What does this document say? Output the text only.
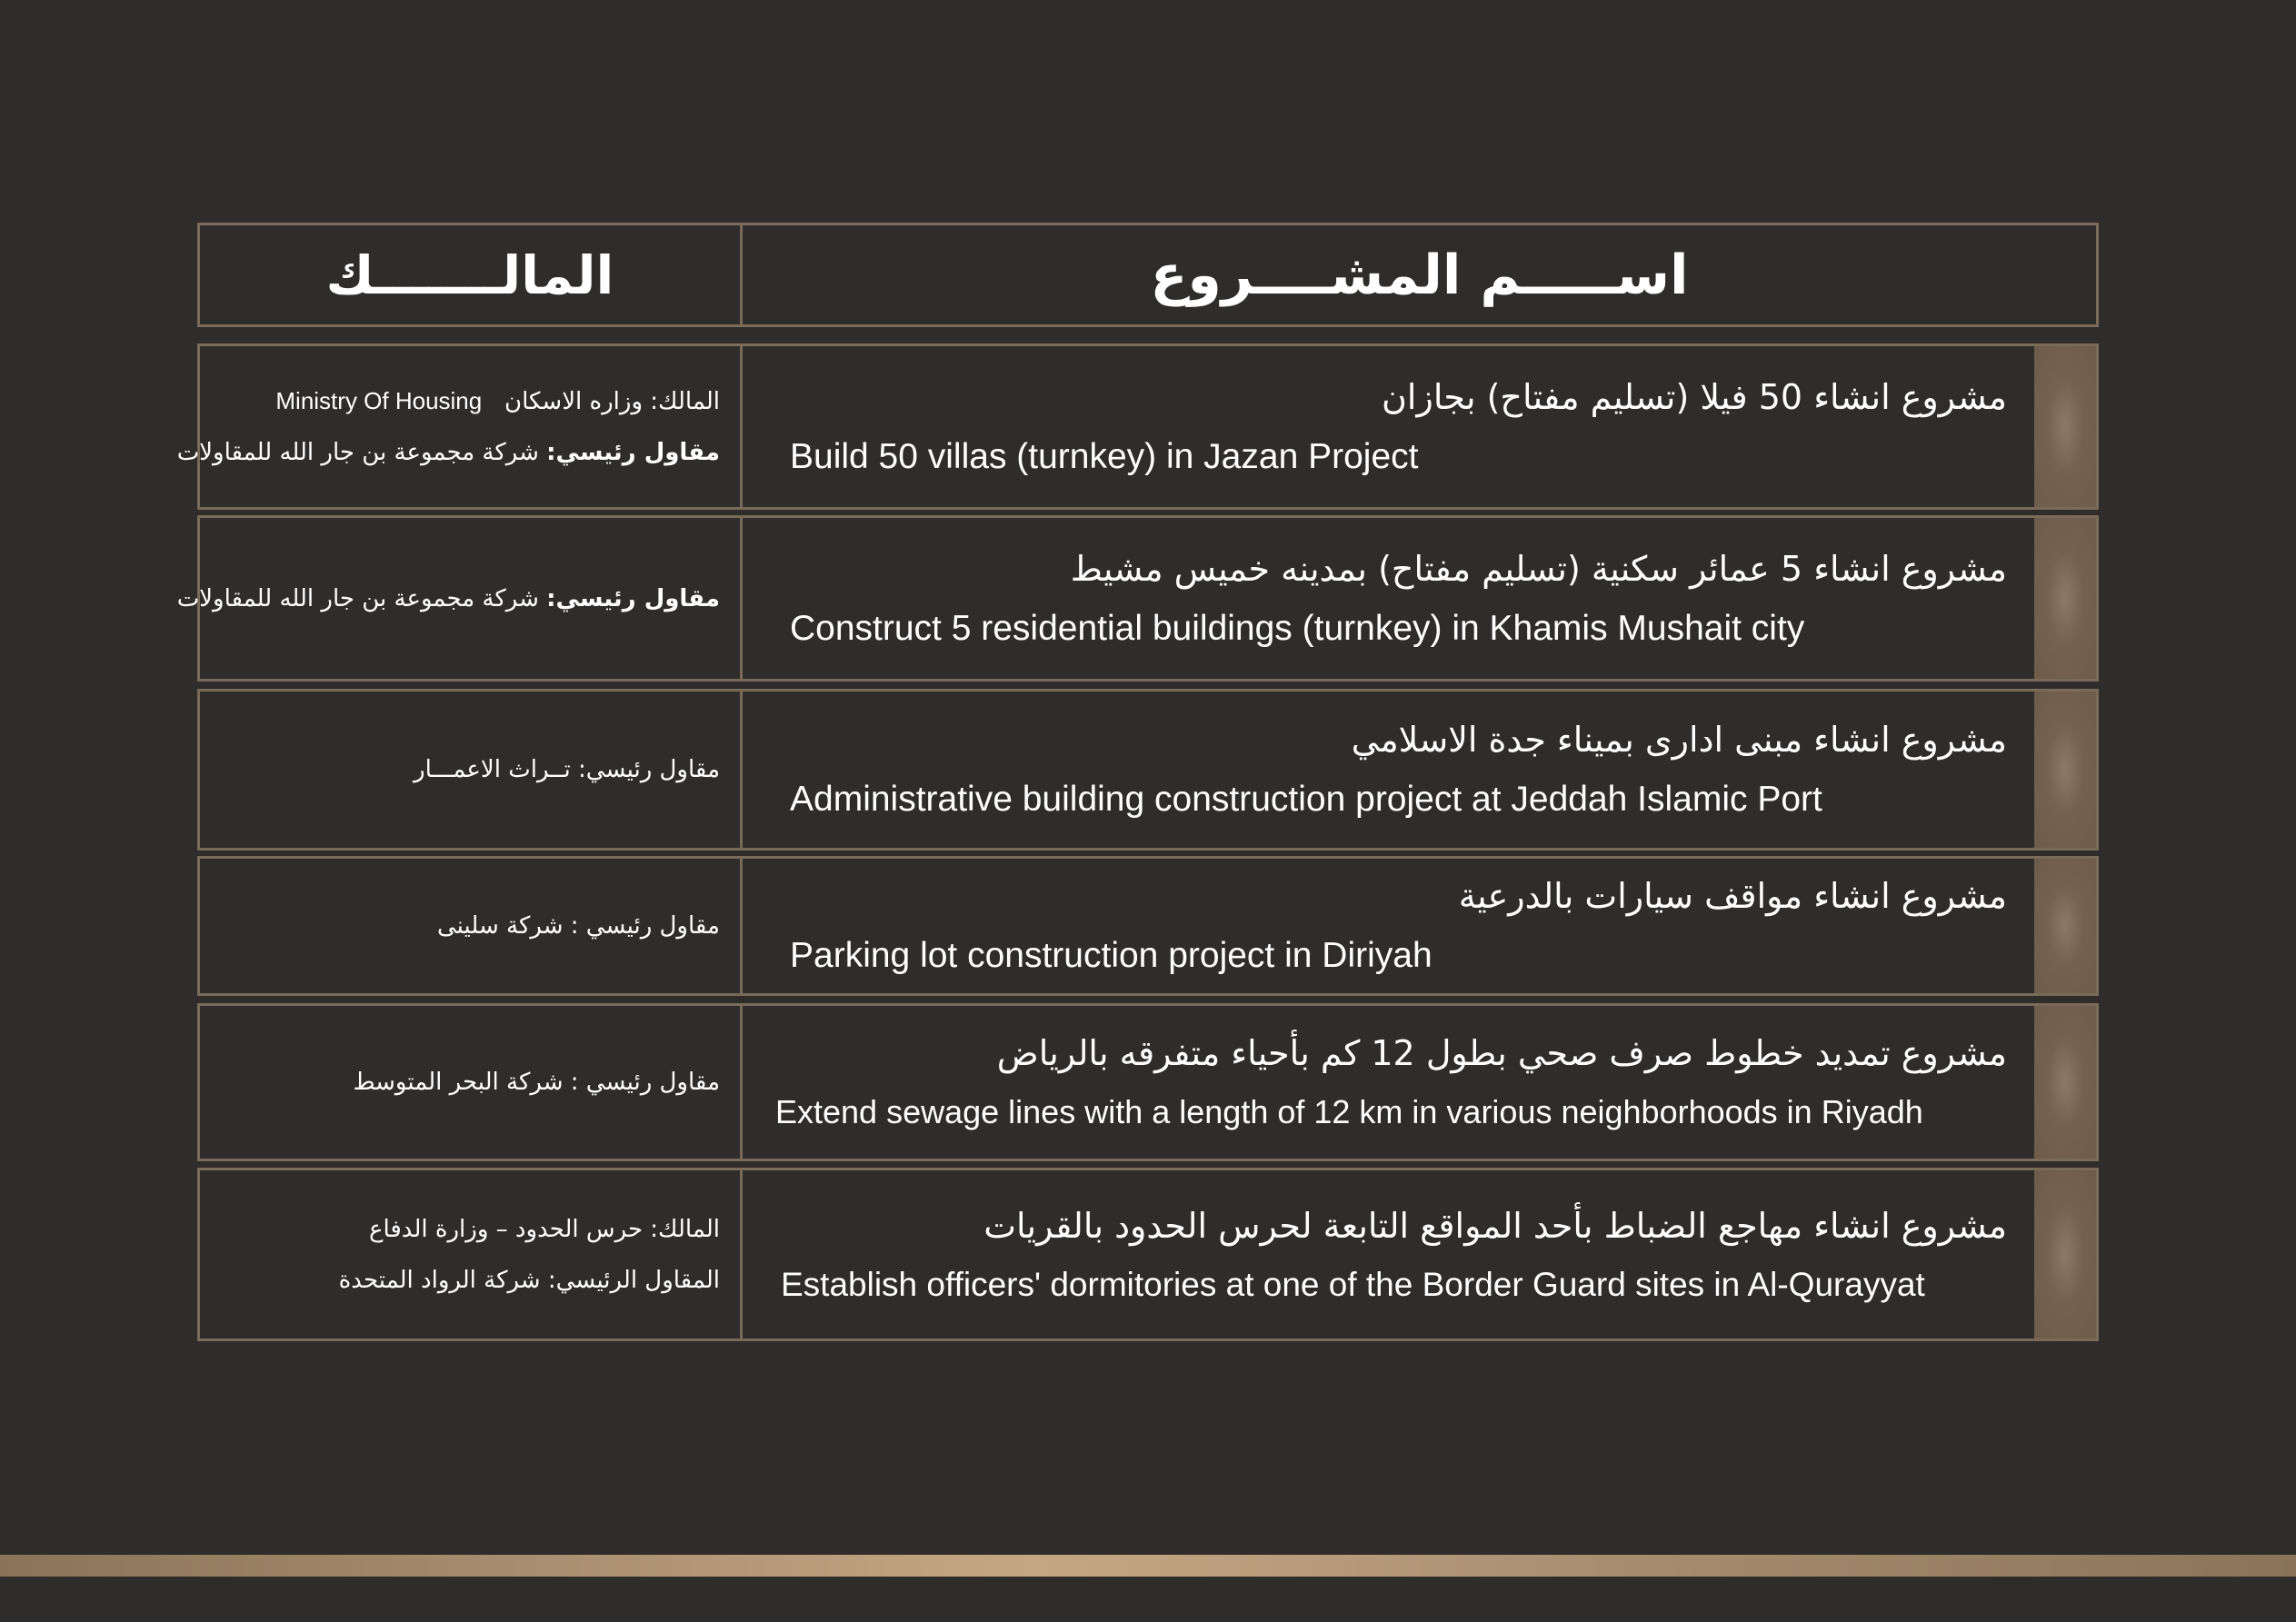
المالـــــــك	اســـــم المشــــروع
المالك: وزاره الاسكان   Ministry Of Housing
مقاول رئيسي: شركة مجموعة بن جار الله للمقاولات
مشروع انشاء 50 فيلا (تسليم مفتاح) بجازان
Build 50 villas (turnkey) in Jazan Project
مقاول رئيسي: شركة مجموعة بن جار الله للمقاولات
مشروع انشاء 5 عمائر سكنية (تسليم مفتاح) بمدينه خميس مشيط
Construct 5 residential buildings (turnkey) in Khamis Mushait city
مقاول رئيسي: تــراث الاعمـــار
مشروع انشاء مبنى ادارى بميناء جدة الاسلامي
Administrative building construction project at Jeddah Islamic Port
مقاول رئيسي : شركة سلينى
مشروع انشاء مواقف سيارات بالدرعية
Parking lot construction project in Diriyah
مقاول رئيسي : شركة البحر المتوسط
مشروع تمديد خطوط صرف صحي بطول 12 كم بأحياء متفرقه بالرياض
Extend sewage lines with a length of 12 km in various neighborhoods in Riyadh
المالك: حرس الحدود – وزارة الدفاع
المقاول الرئيسي: شركة الرواد المتحدة
مشروع انشاء مهاجع الضباط بأحد المواقع التابعة لحرس الحدود بالقريات
Establish officers' dormitories at one of the Border Guard sites in Al-Qurayyat
